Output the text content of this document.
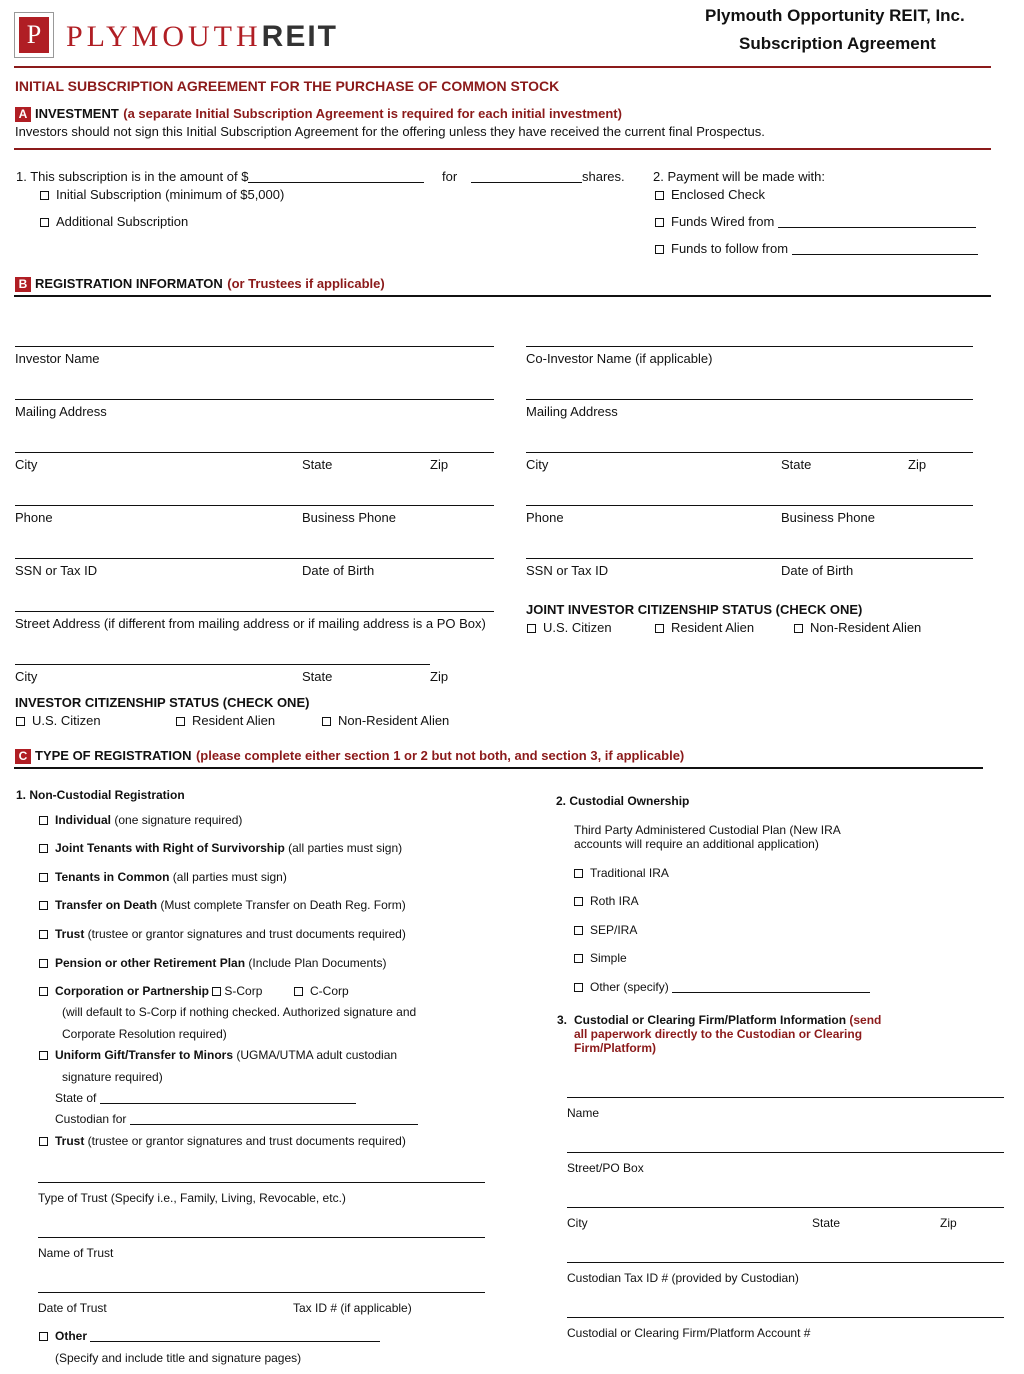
P PLYMOUTHREIT
Plymouth Opportunity REIT, Inc.
Subscription Agreement
INITIAL SUBSCRIPTION AGREEMENT FOR THE PURCHASE OF COMMON STOCK
A INVESTMENT (a separate Initial Subscription Agreement is required for each initial investment)
Investors should not sign this Initial Subscription Agreement for the offering unless they have received the current final Prospectus.
1. This subscription is in the amount of $	for	shares.
Initial Subscription (minimum of $5,000)
Additional Subscription
2. Payment will be made with:
Enclosed Check
Funds Wired from
Funds to follow from
B REGISTRATION INFORMATON (or Trustees if applicable)
Investor Name
Mailing Address
City	State	Zip
Phone	Business Phone
SSN or Tax ID	Date of Birth
Street Address (if different from mailing address or if mailing address is a PO Box)
City	State	Zip
INVESTOR CITIZENSHIP STATUS (CHECK ONE)
U.S. Citizen	Resident Alien	Non-Resident Alien
Co-Investor Name (if applicable)
Mailing Address
City	State	Zip
Phone	Business Phone
SSN or Tax ID	Date of Birth
JOINT INVESTOR CITIZENSHIP STATUS (CHECK ONE)
U.S. Citizen	Resident Alien	Non-Resident Alien
C TYPE OF REGISTRATION (please complete either section 1 or 2 but not both, and section 3, if applicable)
1. Non-Custodial Registration
Individual (one signature required)
Joint Tenants with Right of Survivorship (all parties must sign)
Tenants in Common (all parties must sign)
Transfer on Death (Must complete Transfer on Death Reg. Form)
Trust (trustee or grantor signatures and trust documents required)
Pension or other Retirement Plan (Include Plan Documents)
Corporation or Partnership S-Corp	C-Corp
(will default to S-Corp if nothing checked. Authorized signature and
Corporate Resolution required)
Uniform Gift/Transfer to Minors (UGMA/UTMA adult custodian
signature required)
State of
Custodian for
Trust (trustee or grantor signatures and trust documents required)
Type of Trust (Specify i.e., Family, Living, Revocable, etc.)
Name of Trust
Date of Trust	Tax ID # (if applicable)
Other
(Specify and include title and signature pages)
2. Custodial Ownership
Third Party Administered Custodial Plan (New IRA
accounts will require an additional application)
Traditional IRA
Roth IRA
SEP/IRA
Simple
Other (specify)
3. Custodial or Clearing Firm/Platform Information (send
all paperwork directly to the Custodian or Clearing
Firm/Platform)
Name
Street/PO Box
City	State	Zip
Custodian Tax ID # (provided by Custodian)
Custodial or Clearing Firm/Platform Account #
